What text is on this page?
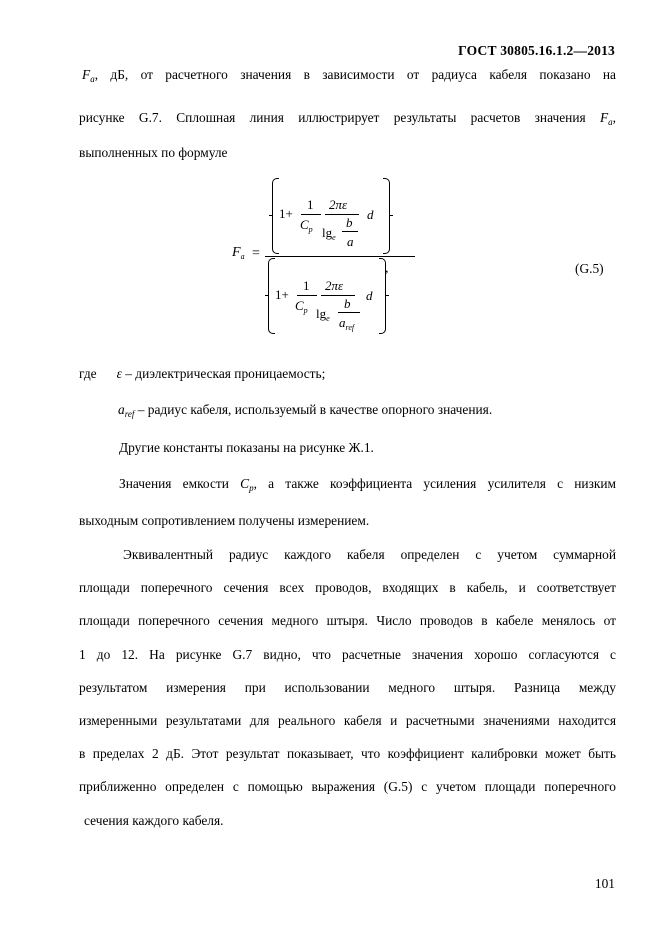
ГОСТ 30805.16.1.2—2013
$F_a$, дБ, от расчетного значения в зависимости от радиуса кабеля показано на
рисунке G.7. Сплошная линия иллюстрирует результаты расчетов значения $F_a$,
выполненных по формуле
$F_a$ =
1+
1
$C_p$
2πε
$\lg_e$
b
a
d
1+
1
$C_p$
2πε
$\lg_e$
b
$a_{ref}$
d
,	(G.5)
где ε – диэлектрическая проницаемость;
$a_{ref}$ – радиус кабеля, используемый в качестве опорного значения.
Другие константы показаны на рисунке Ж.1.
Значения емкости $C_p$, а также коэффициента усиления усилителя с низким
выходным сопротивлением получены измерением.
Эквивалентный радиус каждого кабеля определен с учетом суммарной
площади поперечного сечения всех проводов, входящих в кабель, и соответствует
площади поперечного сечения медного штыря. Число проводов в кабеле менялось от
1 до 12. На рисунке G.7 видно, что расчетные значения хорошо согласуются с
результатом измерения при использовании медного штыря. Разница между
измеренными результатами для реального кабеля и расчетными значениями находится
в пределах 2 дБ. Этот результат показывает, что коэффициент калибровки может быть
приближенно определен с помощью выражения (G.5) с учетом площади поперечного
сечения каждого кабеля.
101
